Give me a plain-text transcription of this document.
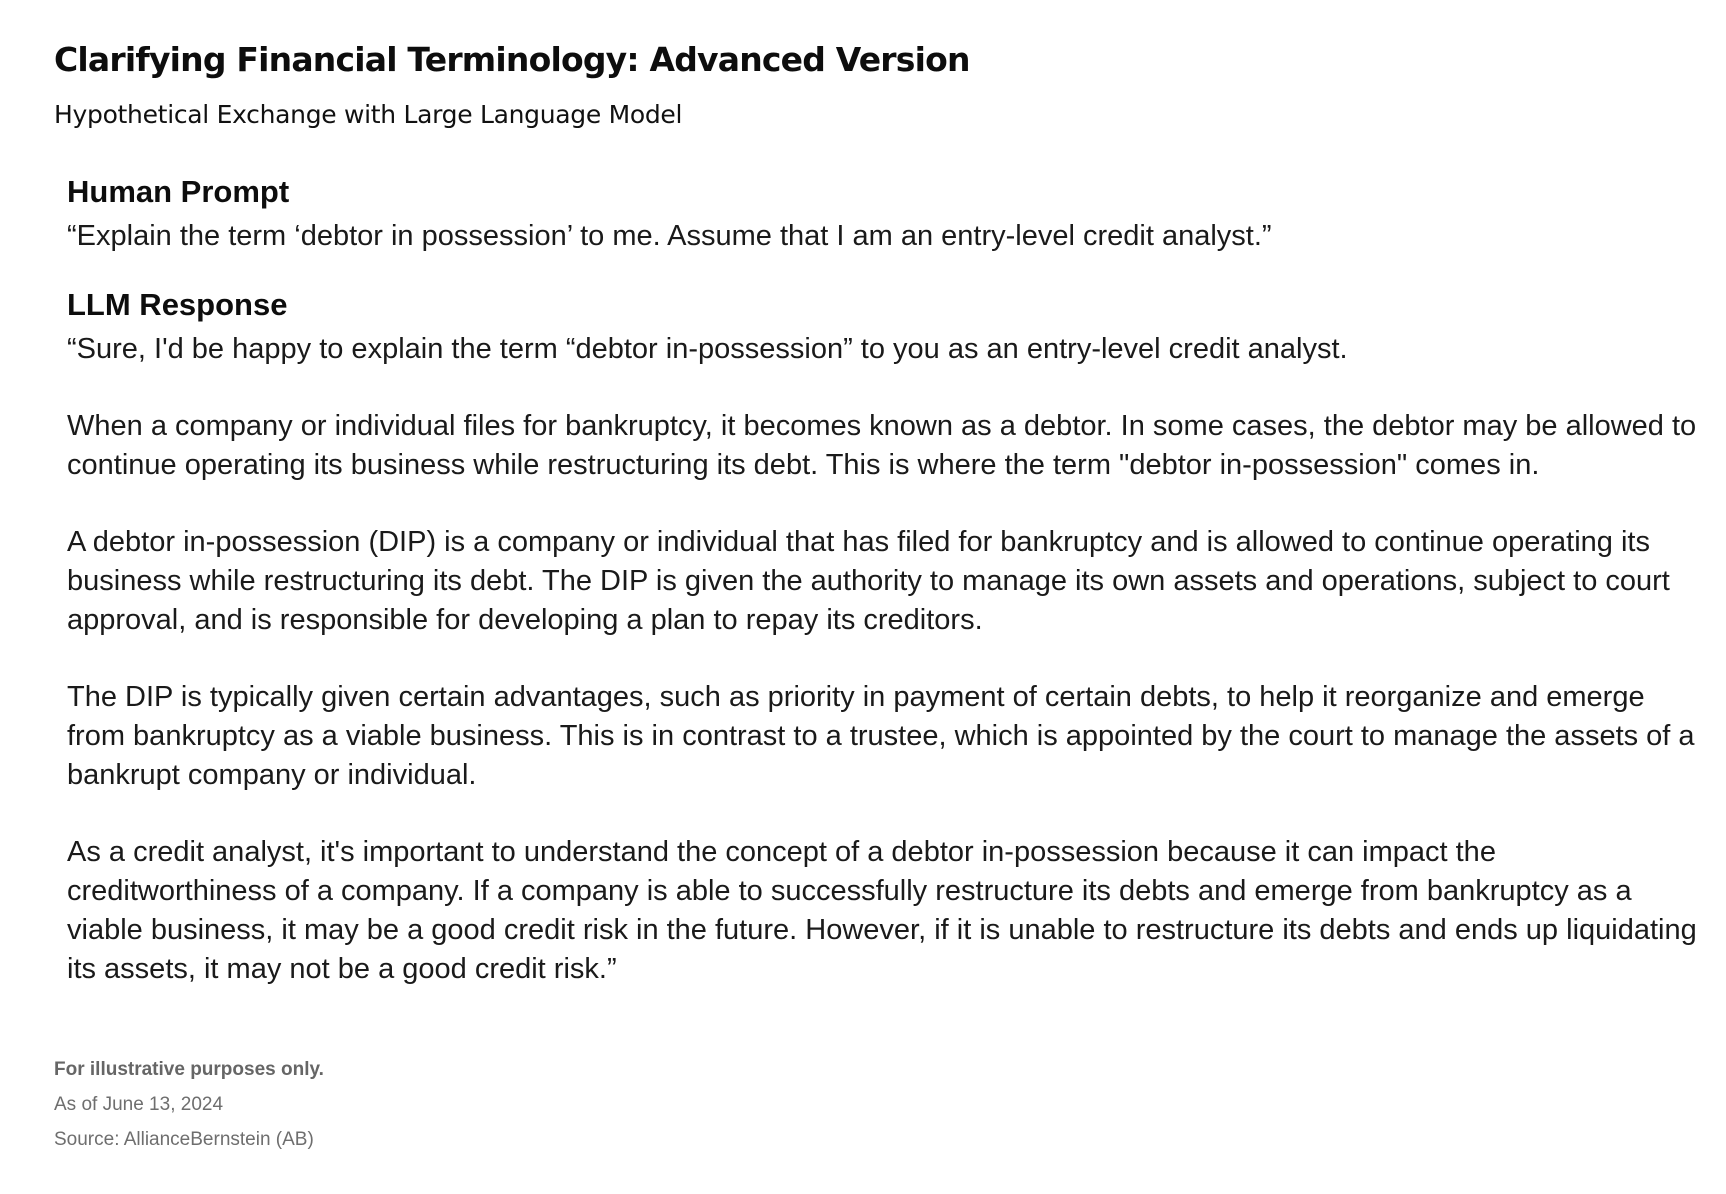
Clarifying Financial Terminology: Advanced Version
Hypothetical Exchange with Large Language Model
Human Prompt
“Explain the term ‘debtor in possession’ to me. Assume that I am an entry-level credit analyst.”
LLM Response

“Sure, I'd be happy to explain the term “debtor in-possession” to you as an entry-level credit analyst.

When a company or individual files for bankruptcy, it becomes known as a debtor. In some cases, the debtor may be allowed to continue operating its business while restructuring its debt. This is where the term "debtor in-possession" comes in.

A debtor in-possession (DIP) is a company or individual that has filed for bankruptcy and is allowed to continue operating its business while restructuring its debt. The DIP is given the authority to manage its own assets and operations, subject to court approval, and is responsible for developing a plan to repay its creditors.

The DIP is typically given certain advantages, such as priority in payment of certain debts, to help it reorganize and emerge from bankruptcy as a viable business. This is in contrast to a trustee, which is appointed by the court to manage the assets of a bankrupt company or individual.

As a credit analyst, it's important to understand the concept of a debtor in-possession because it can impact the creditworthiness of a company. If a company is able to successfully restructure its debts and emerge from bankruptcy as a viable business, it may be a good credit risk in the future. However, if it is unable to restructure its debts and ends up liquidating its assets, it may not be a good credit risk.”

For illustrative purposes only.
As of June 13, 2024
Source: AllianceBernstein (AB)
